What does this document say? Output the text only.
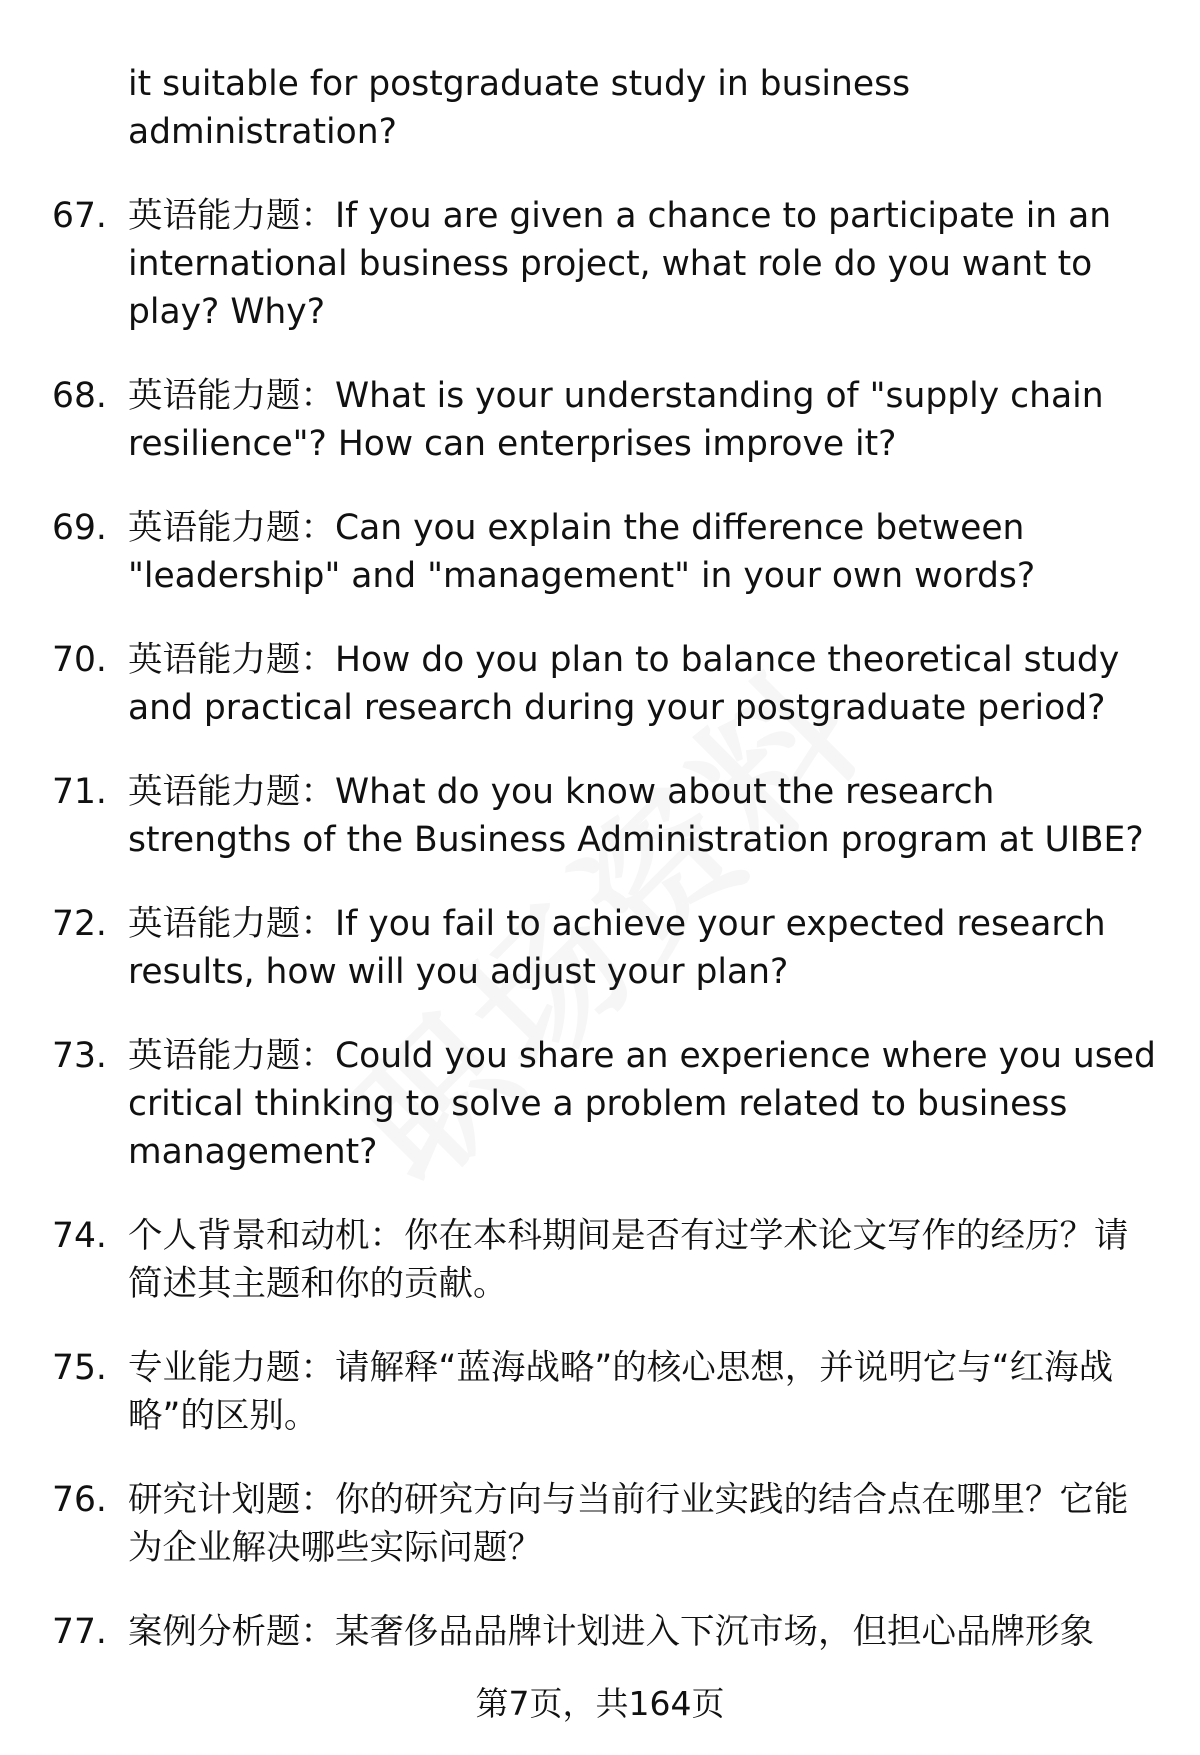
it suitable for postgraduate study in business administration?
67. 英语能力题：If you are given a chance to participate in an international business project, what role do you want to play? Why?
68. 英语能力题：What is your understanding of "supply chain resilience"? How can enterprises improve it?
69. 英语能力题：Can you explain the difference between "leadership" and "management" in your own words?
70. 英语能力题：How do you plan to balance theoretical study and practical research during your postgraduate period?
71. 英语能力题：What do you know about the research strengths of the Business Administration program at UIBE?
72. 英语能力题：If you fail to achieve your expected research results, how will you adjust your plan?
73. 英语能力题：Could you share an experience where you used critical thinking to solve a problem related to business management?
74. 个人背景和动机：你在本科期间是否有过学术论文写作的经历？请简述其主题和你的贡献。
75. 专业能力题：请解释“蓝海战略”的核心思想，并说明它与“红海战略”的区别。
76. 研究计划题：你的研究方向与当前行业实践的结合点在哪里？它能为企业解决哪些实际问题？
77. 案例分析题：某奢侈品品牌计划进入下沉市场，但担心品牌形象
第7页，共164页
